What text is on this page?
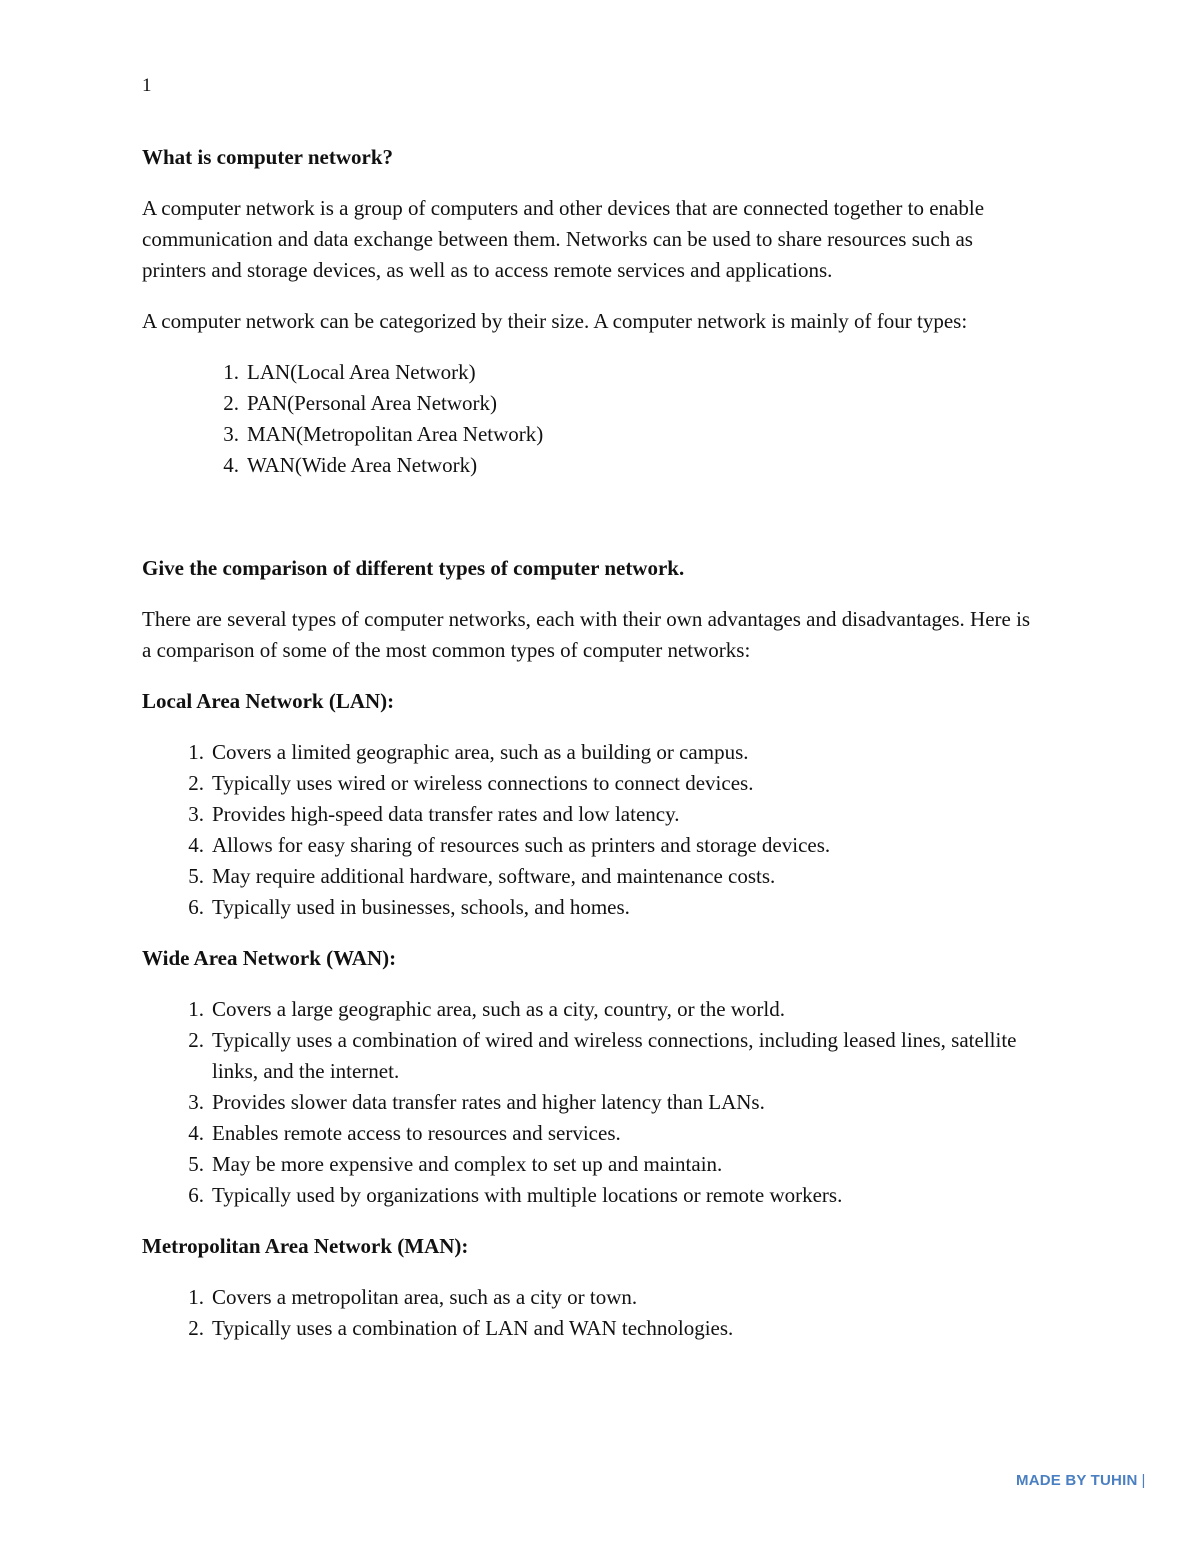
1
What is computer network?

A computer network is a group of computers and other devices that are connected together to enable communication and data exchange between them. Networks can be used to share resources such as printers and storage devices, as well as to access remote services and applications.

A computer network can be categorized by their size. A computer network is mainly of four types:

1. LAN(Local Area Network)
2. PAN(Personal Area Network)
3. MAN(Metropolitan Area Network)
4. WAN(Wide Area Network)
Give the comparison of different types of computer network.

There are several types of computer networks, each with their own advantages and disadvantages. Here is a comparison of some of the most common types of computer networks:

Local Area Network (LAN):
1. Covers a limited geographic area, such as a building or campus.
2. Typically uses wired or wireless connections to connect devices.
3. Provides high-speed data transfer rates and low latency.
4. Allows for easy sharing of resources such as printers and storage devices.
5. May require additional hardware, software, and maintenance costs.
6. Typically used in businesses, schools, and homes.
Wide Area Network (WAN):
1. Covers a large geographic area, such as a city, country, or the world.
2. Typically uses a combination of wired and wireless connections, including leased lines, satellite links, and the internet.
3. Provides slower data transfer rates and higher latency than LANs.
4. Enables remote access to resources and services.
5. May be more expensive and complex to set up and maintain.
6. Typically used by organizations with multiple locations or remote workers.
Metropolitan Area Network (MAN):
1. Covers a metropolitan area, such as a city or town.
2. Typically uses a combination of LAN and WAN technologies.
MADE BY TUHIN |
